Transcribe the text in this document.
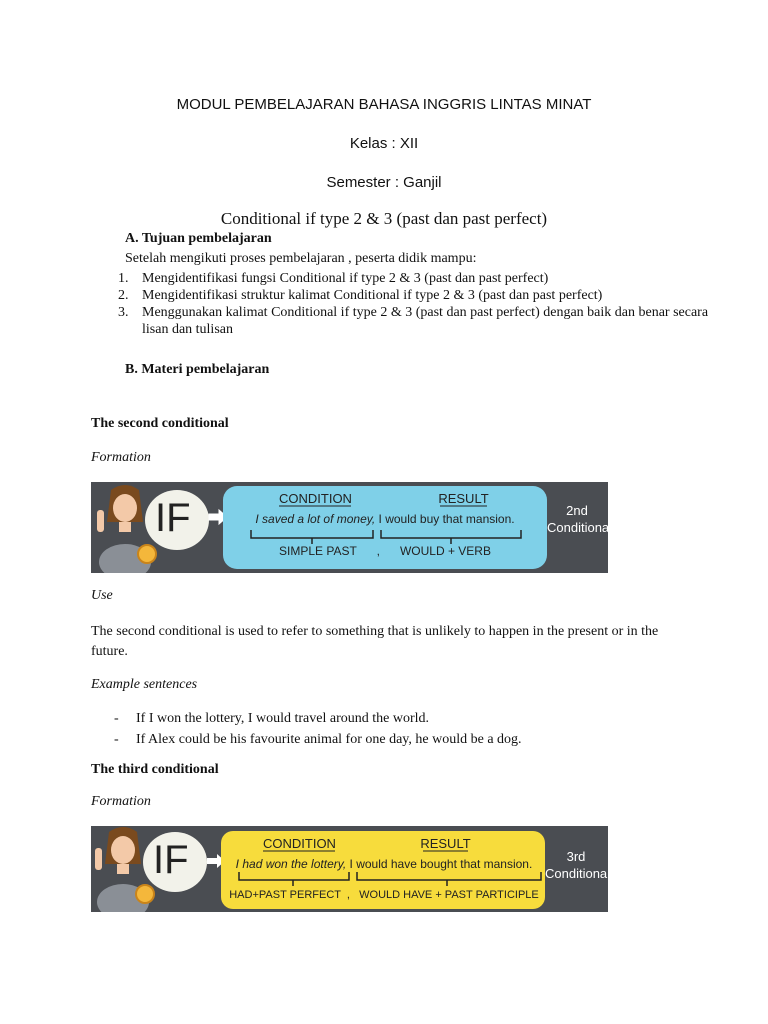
MODUL PEMBELAJARAN BAHASA INGGRIS LINTAS MINAT
Kelas : XII
Semester : Ganjil
Conditional if type 2 & 3 (past dan past perfect)
A. Tujuan pembelajaran
Setelah mengikuti proses pembelajaran , peserta didik mampu:
1. Mengidentifikasi fungsi Conditional if type 2 & 3 (past dan past perfect)
2. Mengidentifikasi struktur kalimat Conditional if type 2 & 3 (past dan past perfect)
3. Menggunakan kalimat Conditional if type 2 & 3 (past dan past perfect) dengan baik dan benar secara lisan dan tulisan
B. Materi pembelajaran
The second conditional
Formation
IF	CONDITION	RESULT
I saved a lot of money, I would buy that mansion.
SIMPLE PAST      ,      WOULD + VERB
2nd
Conditional
Use
The second conditional is used to refer to something that is unlikely to happen in the present or in the future.
Example sentences
- If I won the lottery, I would travel around the world.
- If Alex could be his favourite animal for one day, he would be a dog.
The third conditional
Formation
IF	CONDITION	RESULT
I had won the lottery, I would have bought that mansion.
HAD+PAST PERFECT  ,   WOULD HAVE + PAST PARTICIPLE
3rd
Conditional
